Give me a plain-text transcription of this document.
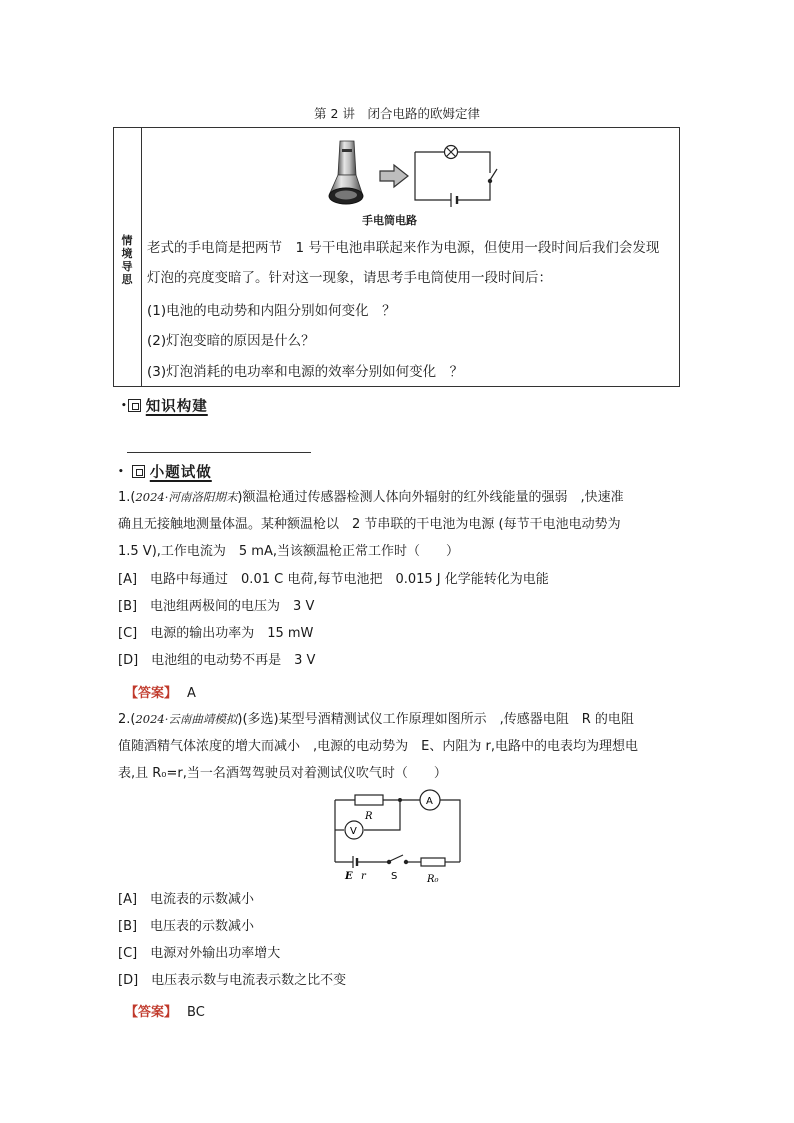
第 2 讲　闭合电路的欧姆定律
情
境
导
思
手电筒电路
老式的手电筒是把两节　1 号干电池串联起来作为电源，但使用一段时间后我们会发现
灯泡的亮度变暗了。针对这一现象，请思考手电筒使用一段时间后：
(1)电池的电动势和内阻分别如何变化　？
(2)灯泡变暗的原因是什么？
(3)灯泡消耗的电功率和电源的效率分别如何变化　？
• 知识构建
• 小题试做
1.(2024·河南洛阳期末)额温枪通过传感器检测人体向外辐射的红外线能量的强弱　,快速准
确且无接触地测量体温。某种额温枪以　2 节串联的干电池为电源 (每节干电池电动势为
1.5 V),工作电流为　5 mA,当该额温枪正常工作时（　　）
[A]　电路中每通过　0.01 C 电荷,每节电池把　0.015 J 化学能转化为电能
[B]　电池组两极间的电压为　3 V
[C]　电源的输出功率为　15 mW
[D]　电池组的电动势不再是　3 V
【答案】 A
2.(2024·云南曲靖模拟)(多选)某型号酒精测试仪工作原理如图所示　,传感器电阻　R 的电阻
值随酒精气体浓度的增大而减小　,电源的电动势为　E、内阻为 r,电路中的电表均为理想电
表,且 R₀=r,当一名酒驾驾驶员对着测试仪吹气时（　　）
R
A
V
E r	S	R₀
[A]　电流表的示数减小
[B]　电压表的示数减小
[C]　电源对外输出功率增大
[D]　电压表示数与电流表示数之比不变
【答案】 BC
